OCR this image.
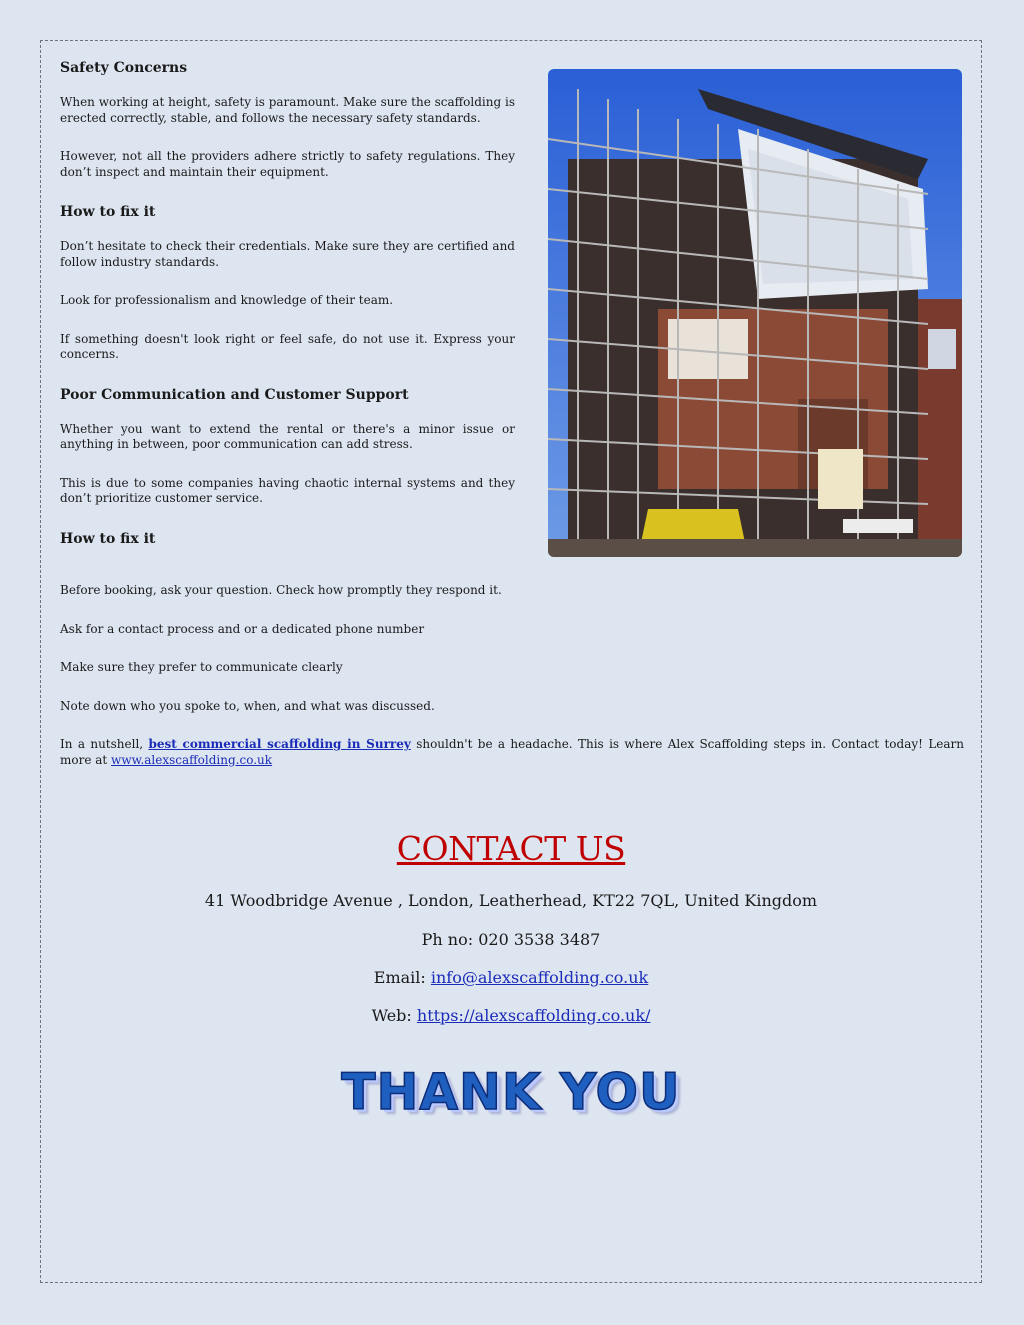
Safety Concerns

When working at height, safety is paramount. Make sure the scaffolding is erected correctly, stable, and follows the necessary safety standards.

However, not all the providers adhere strictly to safety regulations. They don’t inspect and maintain their equipment.

How to fix it

Don’t hesitate to check their credentials. Make sure they are certified and follow industry standards.

Look for professionalism and knowledge of their team.

If something doesn't look right or feel safe, do not use it. Express your concerns.

Poor Communication and Customer Support

Whether you want to extend the rental or there's a minor issue or anything in between, poor communication can add stress.

This is due to some companies having chaotic internal systems and they don’t prioritize customer service.

How to fix it

Before booking, ask your question. Check how promptly they respond it.

Ask for a contact process and or a dedicated phone number

Make sure they prefer to communicate clearly

Note down who you spoke to, when, and what was discussed.

In a nutshell, best commercial scaffolding in Surrey shouldn't be a headache. This is where Alex Scaffolding steps in. Contact today! Learn more at www.alexscaffolding.co.uk

CONTACT US
41 Woodbridge Avenue , London, Leatherhead, KT22 7QL, United Kingdom
Ph no: 020 3538 3487
Email: info@alexscaffolding.co.uk
Web: https://alexscaffolding.co.uk/
THANK YOU
